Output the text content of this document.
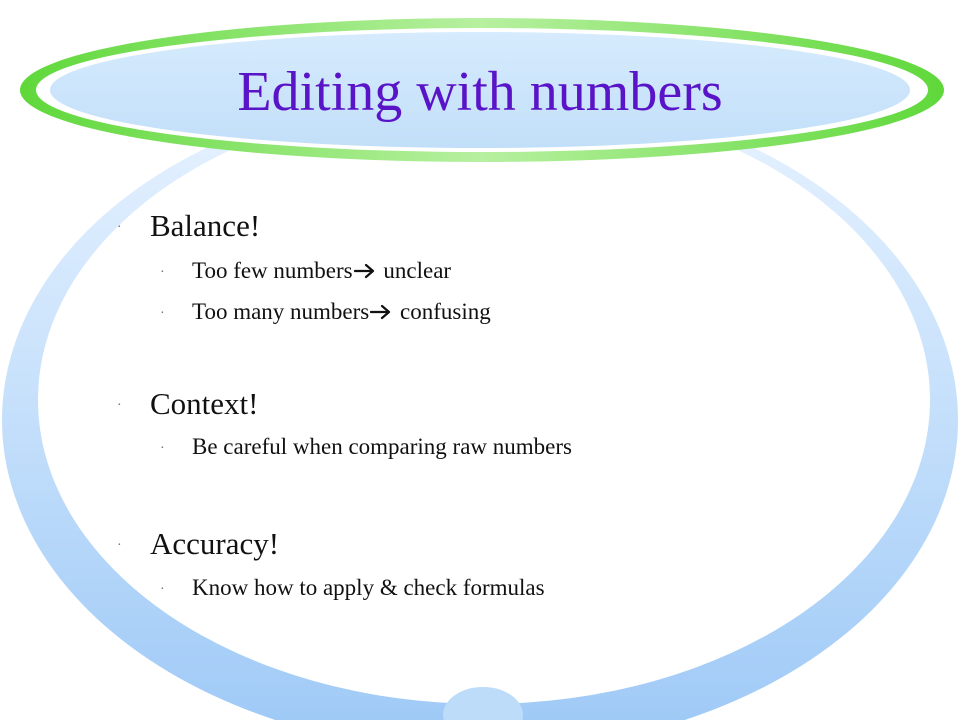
Editing with numbers
· Balance!
· Too few numbers unclear
· Too many numbers confusing
· Context!
· Be careful when comparing raw numbers
· Accuracy!
· Know how to apply & check formulas
